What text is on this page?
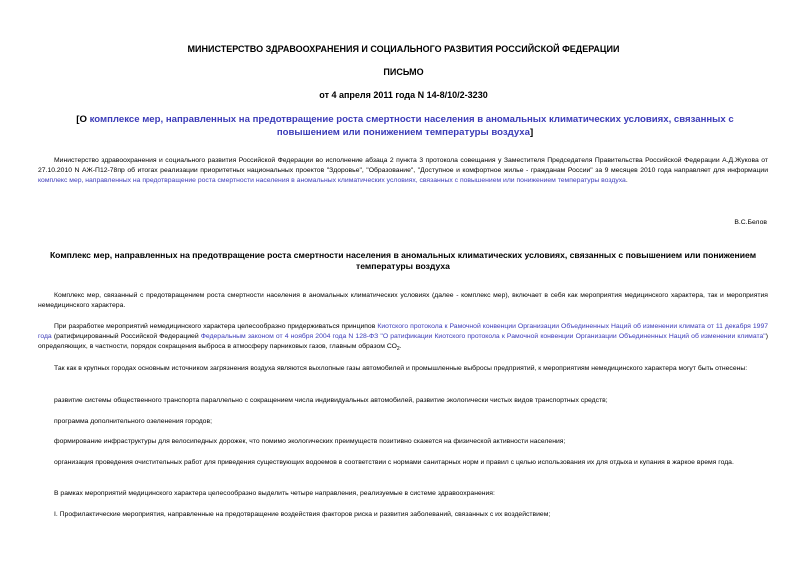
МИНИСТЕРСТВО ЗДРАВООХРАНЕНИЯ И СОЦИАЛЬНОГО РАЗВИТИЯ РОССИЙСКОЙ ФЕДЕРАЦИИ
ПИСЬМО
от 4 апреля 2011 года N 14-8/10/2-3230
[О комплексе мер, направленных на предотвращение роста смертности населения в аномальных климатических условиях, связанных с повышением или понижением температуры воздуха]
Министерство здравоохранения и социального развития Российской Федерации во исполнение абзаца 2 пункта 3 протокола совещания у Заместителя Председателя Правительства Российской Федерации А.Д.Жукова от 27.10.2010 N АЖ-П12-78пр об итогах реализации приоритетных национальных проектов "Здоровье", "Образование", "Доступное и комфортное жилье - гражданам России" за 9 месяцев 2010 года направляет для информации комплекс мер, направленных на предотвращение роста смертности населения в аномальных климатических условиях, связанных с повышением или понижением температуры воздуха.
В.С.Белов
Комплекс мер, направленных на предотвращение роста смертности населения в аномальных климатических условиях, связанных с повышением или понижением температуры воздуха
Комплекс мер, связанный с предотвращением роста смертности населения в аномальных климатических условиях (далее - комплекс мер), включает в себя как мероприятия медицинского характера, так и мероприятия немедицинского характера.
При разработке мероприятий немедицинского характера целесообразно придерживаться принципов Киотского протокола к Рамочной конвенции Организации Объединенных Наций об изменении климата от 11 декабря 1997 года (ратифицированный Российской Федерацией Федеральным законом от 4 ноября 2004 года N 128-ФЗ "О ратификации Киотского протокола к Рамочной конвенции Организации Объединенных Наций об изменении климата") определяющих, в частности, порядок сокращения выброса в атмосферу парниковых газов, главным образом $СО_2$.
Так как в крупных городах основным источником загрязнения воздуха являются выхлопные газы автомобилей и промышленные выбросы предприятий, к мероприятиям немедицинского характера могут быть отнесены:
развитие системы общественного транспорта параллельно с сокращением числа индивидуальных автомобилей, развитие экологически чистых видов транспортных средств;
программа дополнительного озеленения городов;
формирование инфраструктуры для велосипедных дорожек, что помимо экологических преимуществ позитивно скажется на физической активности населения;
организация проведения очистительных работ для приведения существующих водоемов в соответствии с нормами санитарных норм и правил с целью использования их для отдыха и купания в жаркое время года.
В рамках мероприятий медицинского характера целесообразно выделить четыре направления, реализуемые в системе здравоохранения:
I. Профилактические мероприятия, направленные на предотвращение воздействия факторов риска и развития заболеваний, связанных с их воздействием;
